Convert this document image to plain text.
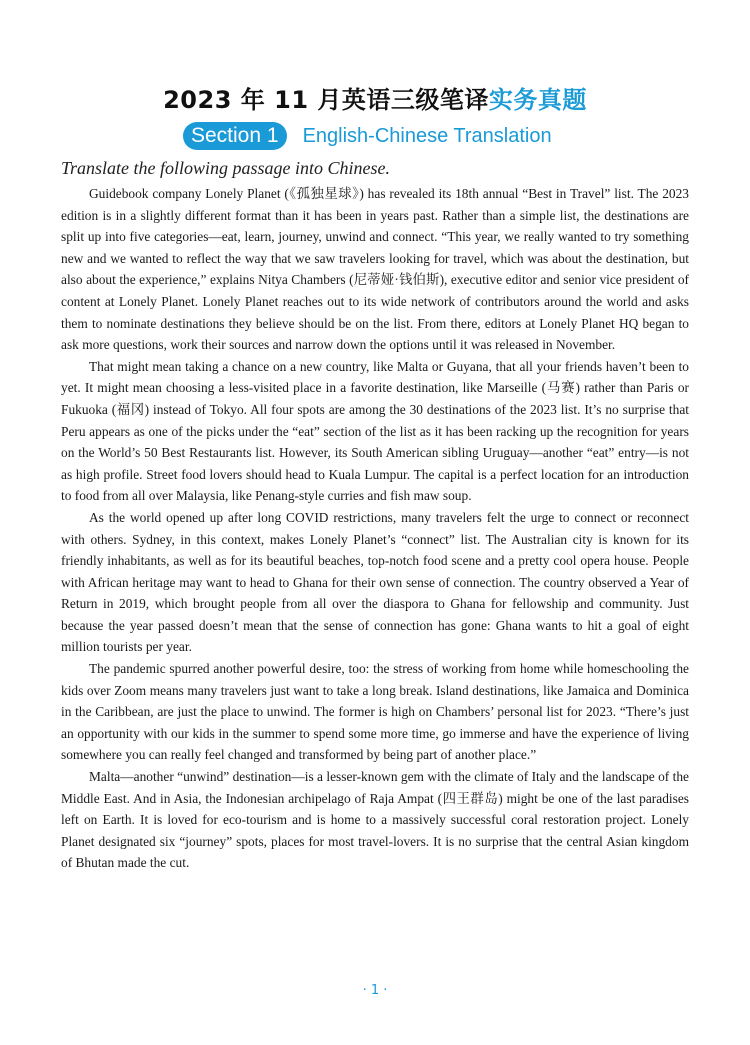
2023 年 11 月英语三级笔译实务真题
Section 1	English-Chinese Translation
Translate the following passage into Chinese.

Guidebook company Lonely Planet (《孤独星球》) has revealed its 18th annual “Best in Travel” list. The 2023 edition is in a slightly different format than it has been in years past. Rather than a simple list, the destinations are split up into five categories—eat, learn, journey, unwind and connect. “This year, we really wanted to try something new and we wanted to reflect the way that we saw travelers looking for travel, which was about the destination, but also about the experience,” explains Nitya Chambers (尼蒂娅·钱伯斯), executive editor and senior vice president of content at Lonely Planet. Lonely Planet reaches out to its wide network of contributors around the world and asks them to nominate destinations they believe should be on the list. From there, editors at Lonely Planet HQ began to ask more questions, work their sources and narrow down the options until it was released in November.

That might mean taking a chance on a new country, like Malta or Guyana, that all your friends haven’t been to yet. It might mean choosing a less-visited place in a favorite destination, like Marseille (马赛) rather than Paris or Fukuoka (福冈) instead of Tokyo. All four spots are among the 30 destinations of the 2023 list. It’s no surprise that Peru appears as one of the picks under the “eat” section of the list as it has been racking up the recognition for years on the World’s 50 Best Restaurants list. However, its South American sibling Uruguay—another “eat” entry—is not as high profile. Street food lovers should head to Kuala Lumpur. The capital is a perfect location for an introduction to food from all over Malaysia, like Penang-style curries and fish maw soup.

As the world opened up after long COVID restrictions, many travelers felt the urge to connect or reconnect with others. Sydney, in this context, makes Lonely Planet’s “connect” list. The Australian city is known for its friendly inhabitants, as well as for its beautiful beaches, top-notch food scene and a pretty cool opera house. People with African heritage may want to head to Ghana for their own sense of connection. The country observed a Year of Return in 2019, which brought people from all over the diaspora to Ghana for fellowship and community. Just because the year passed doesn’t mean that the sense of connection has gone: Ghana wants to hit a goal of eight million tourists per year.

The pandemic spurred another powerful desire, too: the stress of working from home while homeschooling the kids over Zoom means many travelers just want to take a long break. Island destinations, like Jamaica and Dominica in the Caribbean, are just the place to unwind. The former is high on Chambers’ personal list for 2023. “There’s just an opportunity with our kids in the summer to spend some more time, go immerse and have the experience of living somewhere you can really feel changed and transformed by being part of another place.”

Malta—another “unwind” destination—is a lesser-known gem with the climate of Italy and the landscape of the Middle East. And in Asia, the Indonesian archipelago of Raja Ampat (四王群岛) might be one of the last paradises left on Earth. It is loved for eco-tourism and is home to a massively successful coral restoration project. Lonely Planet designated six “journey” spots, places for most travel-lovers. It is no surprise that the central Asian kingdom of Bhutan made the cut.

· 1 ·
